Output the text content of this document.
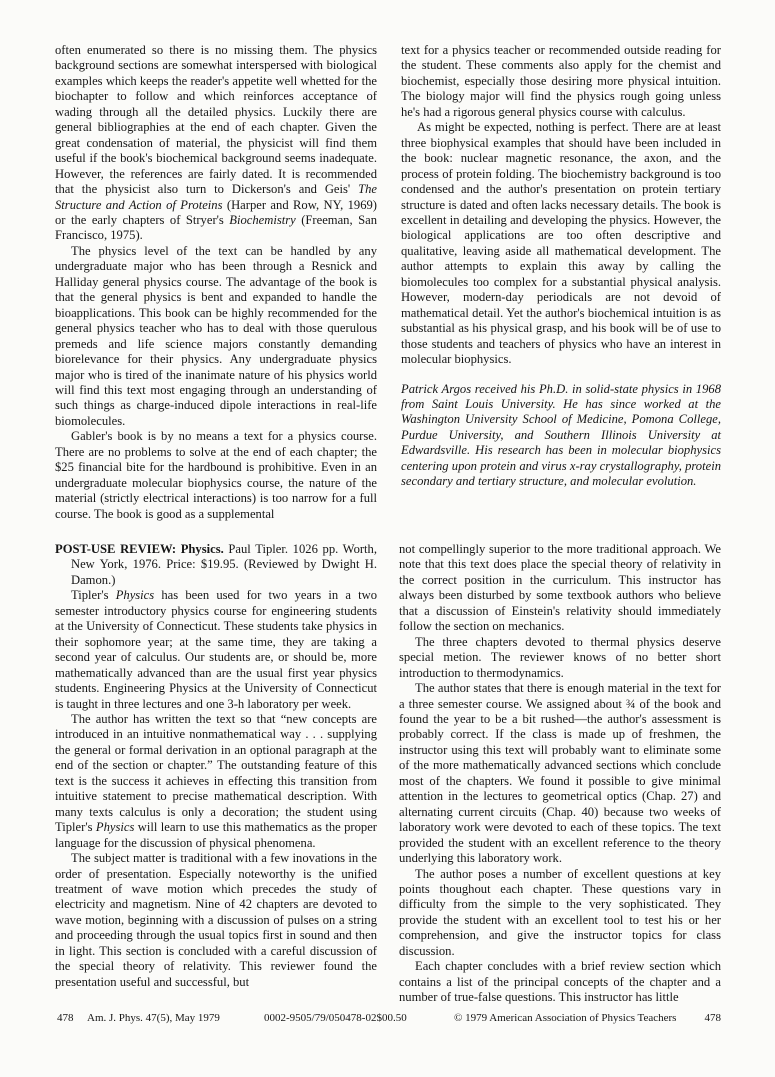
often enumerated so there is no missing them. The physics background sections are somewhat interspersed with biological examples which keeps the reader's appetite well whetted for the biochapter to follow and which reinforces acceptance of wading through all the detailed physics. Luckily there are general bibliographies at the end of each chapter. Given the great condensation of material, the physicist will find them useful if the book's biochemical background seems inadequate. However, the references are fairly dated. It is recommended that the physicist also turn to Dickerson's and Geis' The Structure and Action of Proteins (Harper and Row, NY, 1969) or the early chapters of Stryer's Biochemistry (Freeman, San Francisco, 1975).

The physics level of the text can be handled by any undergraduate major who has been through a Resnick and Halliday general physics course. The advantage of the book is that the general physics is bent and expanded to handle the bioapplications. This book can be highly recommended for the general physics teacher who has to deal with those querulous premeds and life science majors constantly demanding biorelevance for their physics. Any undergraduate physics major who is tired of the inanimate nature of his physics world will find this text most engaging through an understanding of such things as charge-induced dipole interactions in real-life biomolecules.

Gabler's book is by no means a text for a physics course. There are no problems to solve at the end of each chapter; the $25 financial bite for the hardbound is prohibitive. Even in an undergraduate molecular biophysics course, the nature of the material (strictly electrical interactions) is too narrow for a full course. The book is good as a supplemental

text for a physics teacher or recommended outside reading for the student. These comments also apply for the chemist and biochemist, especially those desiring more physical intuition. The biology major will find the physics rough going unless he's had a rigorous general physics course with calculus.

As might be expected, nothing is perfect. There are at least three biophysical examples that should have been included in the book: nuclear magnetic resonance, the axon, and the process of protein folding. The biochemistry background is too condensed and the author's presentation on protein tertiary structure is dated and often lacks necessary details. The book is excellent in detailing and developing the physics. However, the biological applications are too often descriptive and qualitative, leaving aside all mathematical development. The author attempts to explain this away by calling the biomolecules too complex for a substantial physical analysis. However, modern-day periodicals are not devoid of mathematical detail. Yet the author's biochemical intuition is as substantial as his physical grasp, and his book will be of use to those students and teachers of physics who have an interest in molecular biophysics.

Patrick Argos received his Ph.D. in solid-state physics in 1968 from Saint Louis University. He has since worked at the Washington University School of Medicine, Pomona College, Purdue University, and Southern Illinois University at Edwardsville. His research has been in molecular biophysics centering upon protein and virus x-ray crystallography, protein secondary and tertiary structure, and molecular evolution.

POST-USE REVIEW: Physics. Paul Tipler. 1026 pp. Worth, New York, 1976. Price: $19.95. (Reviewed by Dwight H. Damon.)

Tipler's Physics has been used for two years in a two semester introductory physics course for engineering students at the University of Connecticut. These students take physics in their sophomore year; at the same time, they are taking a second year of calculus. Our students are, or should be, more mathematically advanced than are the usual first year physics students. Engineering Physics at the University of Connecticut is taught in three lectures and one 3-h laboratory per week.

The author has written the text so that “new concepts are introduced in an intuitive nonmathematical way . . . supplying the general or formal derivation in an optional paragraph at the end of the section or chapter.” The outstanding feature of this text is the success it achieves in effecting this transition from intuitive statement to precise mathematical description. With many texts calculus is only a decoration; the student using Tipler's Physics will learn to use this mathematics as the proper language for the discussion of physical phenomena.

The subject matter is traditional with a few inovations in the order of presentation. Especially noteworthy is the unified treatment of wave motion which precedes the study of electricity and magnetism. Nine of 42 chapters are devoted to wave motion, beginning with a discussion of pulses on a string and proceeding through the usual topics first in sound and then in light. This section is concluded with a careful discussion of the special theory of relativity. This reviewer found the presentation useful and successful, but

not compellingly superior to the more traditional approach. We note that this text does place the special theory of relativity in the correct position in the curriculum. This instructor has always been disturbed by some textbook authors who believe that a discussion of Einstein's relativity should immediately follow the section on mechanics.

The three chapters devoted to thermal physics deserve special metion. The reviewer knows of no better short introduction to thermodynamics.

The author states that there is enough material in the text for a three semester course. We assigned about ¾ of the book and found the year to be a bit rushed—the author's assessment is probably correct. If the class is made up of freshmen, the instructor using this text will probably want to eliminate some of the more mathematically advanced sections which conclude most of the chapters. We found it possible to give minimal attention in the lectures to geometrical optics (Chap. 27) and alternating current circuits (Chap. 40) because two weeks of laboratory work were devoted to each of these topics. The text provided the student with an excellent reference to the theory underlying this laboratory work.

The author poses a number of excellent questions at key points thoughout each chapter. These questions vary in difficulty from the simple to the very sophisticated. They provide the student with an excellent tool to test his or her comprehension, and give the instructor topics for class discussion.

Each chapter concludes with a brief review section which contains a list of the principal concepts of the chapter and a number of true-false questions. This instructor has little

478 Am. J. Phys. 47(5), May 1979	0002-9505/79/050478-02$00.50	© 1979 American Association of Physics Teachers	478
